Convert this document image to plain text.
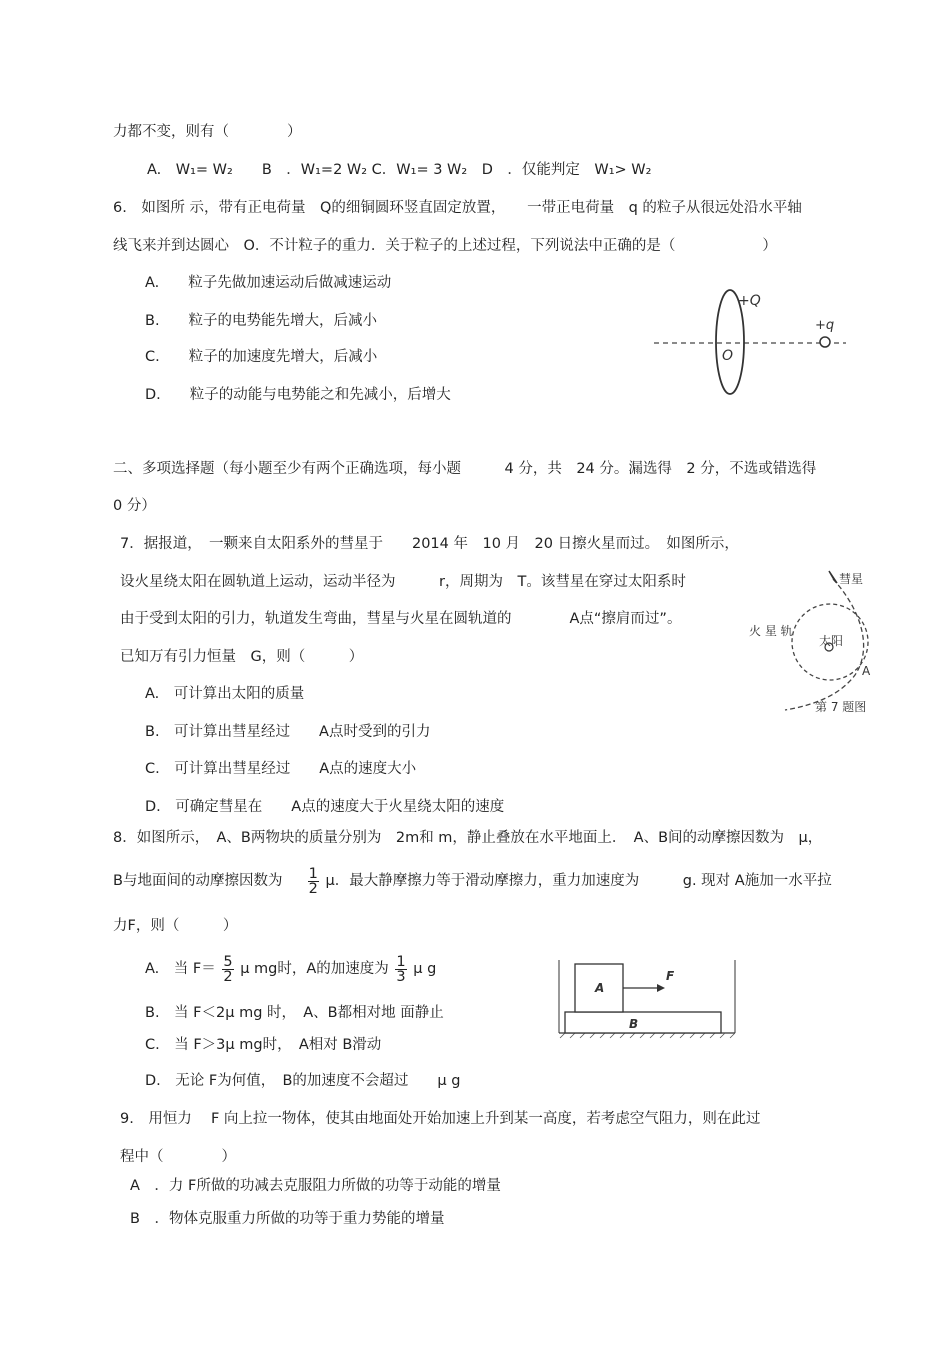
力都不变，则有（　　　　）
A.　W₁= W₂　　B　．W₁=2 W₂ C．W₁= 3 W₂　D　．仅能判定　W₁> W₂
6.　如图所 示，带有正电荷量　Q的细铜圆环竖直固定放置，　　一带正电荷量　q 的粒子从很远处沿水平轴
线飞来并到达圆心　O．不计粒子的重力．关于粒子的上述过程，下列说法中正确的是（　　　　　　）
A.　　粒子先做加速运动后做减速运动
B.　　粒子的电势能先增大，后减小
C.　　粒子的加速度先增大，后减小
D.　　粒子的动能与电势能之和先减小，后增大
+Q
O
+q
二、多项选择题（每小题至少有两个正确选项，每小题　　　4 分，共　24 分。漏选得　2 分，不选或错选得
0 分）
7．据报道，　一颗来自太阳系外的彗星于　　2014 年　10 月　20 日擦火星而过。　如图所示，
设火星绕太阳在圆轨道上运动，运动半径为　　　r，周期为　T。该彗星在穿过太阳系时
由于受到太阳的引力，轨道发生弯曲，彗星与火星在圆轨道的　　　　A点“擦肩而过”。
已知万有引力恒量　G，则（　　　）
A.　可计算出太阳的质量
B.　可计算出彗星经过　　A点时受到的引力
C.　可计算出彗星经过　　A点的速度大小
D.　可确定彗星在　　A点的速度大于火星绕太阳的速度
太阳
彗星
火 星 轨
A
第 7 题图
8．如图所示，　A、B两物块的质量分别为　2m和 m，静止叠放在水平地面上．　A、B间的动摩擦因数为　μ，
B与地面间的动摩擦因数为 $\frac{1}{2}$ μ．最大静摩擦力等于滑动摩擦力，重力加速度为　　　g. 现对 A施加一水平拉
力F，则（　　　）
A.　当 $F= \frac{5}{2}$ μ mg时，A的加速度为 $\frac{1}{3}$ μ g
B.　当 F＜2μ mg 时，　A、B都相对地 面静止
C.　当 F＞3μ mg时，　A相对 B滑动
D.　无论 F为何值，　B的加速度不会超过　　μ g
B
A
F
9.　用恒力　 F 向上拉一物体，使其由地面处开始加速上升到某一高度，若考虑空气阻力，则在此过
程中（　　　　）
A　．力 F所做的功减去克服阻力所做的功等于动能的增量
B　．物体克服重力所做的功等于重力势能的增量
